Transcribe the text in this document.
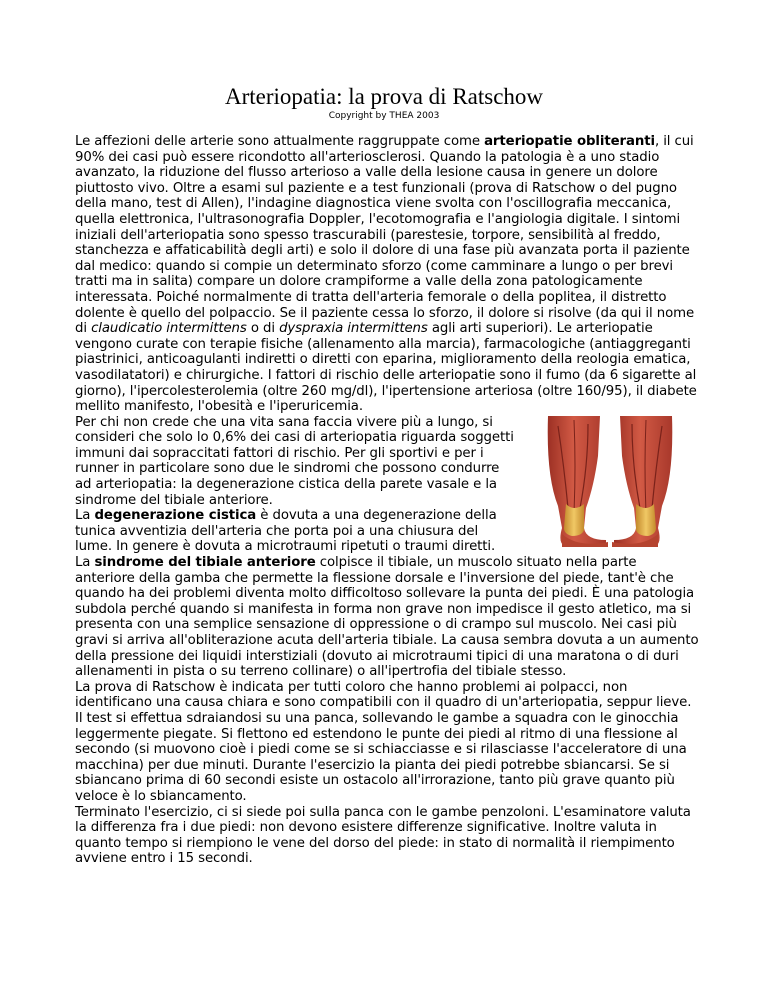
Arteriopatia: la prova di Ratschow
Copyright by THEA 2003

Le affezioni delle arterie sono attualmente raggruppate come arteriopatie obliteranti, il cui 90% dei casi può essere ricondotto all'arteriosclerosi. Quando la patologia è a uno stadio avanzato, la riduzione del flusso arterioso a valle della lesione causa in genere un dolore piuttosto vivo. Oltre a esami sul paziente e a test funzionali (prova di Ratschow o del pugno della mano, test di Allen), l'indagine diagnostica viene svolta con l'oscillografia meccanica, quella elettronica, l'ultrasonografia Doppler, l'ecotomografia e l'angiologia digitale. I sintomi iniziali dell'arteriopatia sono spesso trascurabili (parestesie, torpore, sensibilità al freddo, stanchezza e affaticabilità degli arti) e solo il dolore di una fase più avanzata porta il paziente dal medico: quando si compie un determinato sforzo (come camminare a lungo o per brevi tratti ma in salita) compare un dolore crampiforme a valle della zona patologicamente interessata. Poiché normalmente di tratta dell'arteria femorale o della poplitea, il distretto dolente è quello del polpaccio. Se il paziente cessa lo sforzo, il dolore si risolve (da qui il nome di claudicatio intermittens o di dyspraxia intermittens agli arti superiori). Le arteriopatie vengono curate con terapie fisiche (allenamento alla marcia), farmacologiche (antiaggreganti piastrinici, anticoagulanti indiretti o diretti con eparina, miglioramento della reologia ematica, vasodilatatori) e chirurgiche. I fattori di rischio delle arteriopatie sono il fumo (da 6 sigarette al giorno), l'ipercolesterolemia (oltre 260 mg/dl), l'ipertensione arteriosa (oltre 160/95), il diabete mellito manifesto, l'obesità e l'iperuricemia.

Per chi non crede che una vita sana faccia vivere più a lungo, si consideri che solo lo 0,6% dei casi di arteriopatia riguarda soggetti immuni dai sopraccitati fattori di rischio. Per gli sportivi e per i runner in particolare sono due le sindromi che possono condurre ad arteriopatia: la degenerazione cistica della parete vasale e la sindrome del tibiale anteriore.

La degenerazione cistica è dovuta a una degenerazione della tunica avventizia dell'arteria che porta poi a una chiusura del lume. In genere è dovuta a microtraumi ripetuti o traumi diretti.

La sindrome del tibiale anteriore colpisce il tibiale, un muscolo situato nella parte anteriore della gamba che permette la flessione dorsale e l'inversione del piede, tant'è che quando ha dei problemi diventa molto difficoltoso sollevare la punta dei piedi. È una patologia subdola perché quando si manifesta in forma non grave non impedisce il gesto atletico, ma si presenta con una semplice sensazione di oppressione o di crampo sul muscolo. Nei casi più gravi si arriva all'obliterazione acuta dell'arteria tibiale. La causa sembra dovuta a un aumento della pressione dei liquidi interstiziali (dovuto ai microtraumi tipici di una maratona o di duri allenamenti in pista o su terreno collinare) o all'ipertrofia del tibiale stesso.

La prova di Ratschow è indicata per tutti coloro che hanno problemi ai polpacci, non identificano una causa chiara e sono compatibili con il quadro di un'arteriopatia, seppur lieve. Il test si effettua sdraiandosi su una panca, sollevando le gambe a squadra con le ginocchia leggermente piegate. Si flettono ed estendono le punte dei piedi al ritmo di una flessione al secondo (si muovono cioè i piedi come se si schiacciasse e si rilasciasse l'acceleratore di una macchina) per due minuti. Durante l'esercizio la pianta dei piedi potrebbe sbiancarsi. Se si sbiancano prima di 60 secondi esiste un ostacolo all'irrorazione, tanto più grave quanto più veloce è lo sbiancamento.

Terminato l'esercizio, ci si siede poi sulla panca con le gambe penzoloni. L'esaminatore valuta la differenza fra i due piedi: non devono esistere differenze significative. Inoltre valuta in quanto tempo si riempiono le vene del dorso del piede: in stato di normalità il riempimento avviene entro i 15 secondi.
